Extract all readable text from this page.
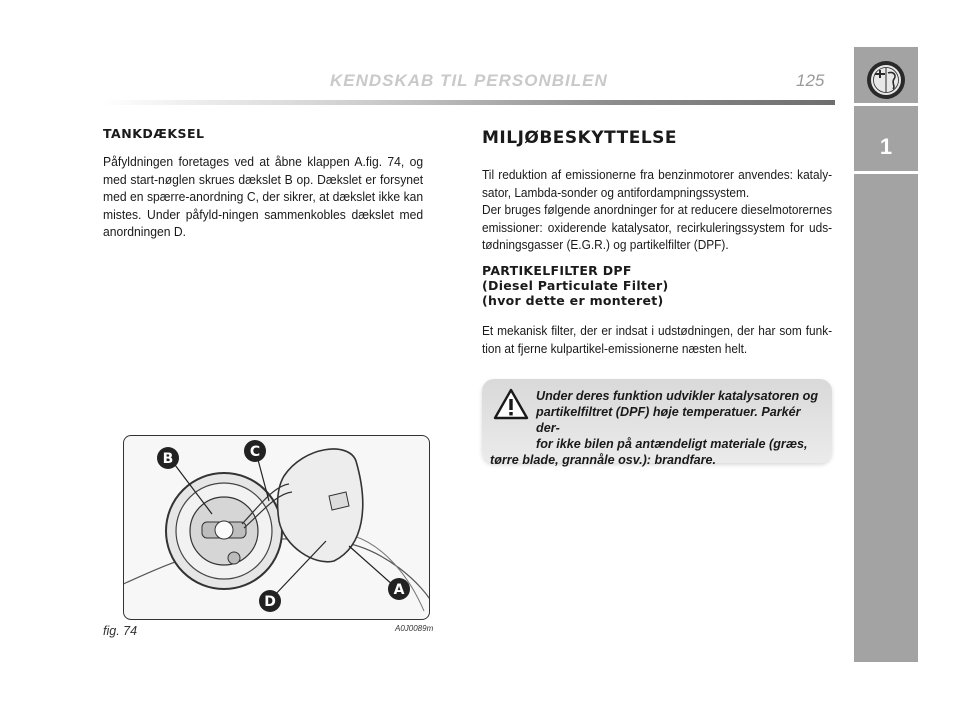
KENDSKAB TIL PERSONBILEN	125
1
TANKDÆKSEL
Påfyldningen foretages ved at åbne klappen A.fig. 74, og med start-nøglen skrues dækslet B op. Dækslet er forsynet med en spærre-anordning C, der sikrer, at dækslet ikke kan mistes. Under påfyld-ningen sammenkobles dækslet med anordningen D.
B	C
D
A
fig. 74	A0J0089m
MILJØBESKYTTELSE
Til reduktion af emissionerne fra benzinmotorer anvendes: kataly-sator, Lambda-sonder og antifordampningssystem.
Der bruges følgende anordninger for at reducere dieselmotorernes emissioner: oxiderende katalysator, recirkuleringssystem for uds-tødningsgasser (E.G.R.) og partikelfilter (DPF).
PARTIKELFILTER DPF
(Diesel Particulate Filter)
(hvor dette er monteret)
Et mekanisk filter, der er indsat i udstødningen, der har som funk-tion at fjerne kulpartikel-emissionerne næsten helt.
Under deres funktion udvikler katalysatoren og
partikelfiltret (DPF) høje temperatuer. Parkér der-
for ikke bilen på antændeligt materiale (græs,
tørre blade, grannåle osv.): brandfare.
